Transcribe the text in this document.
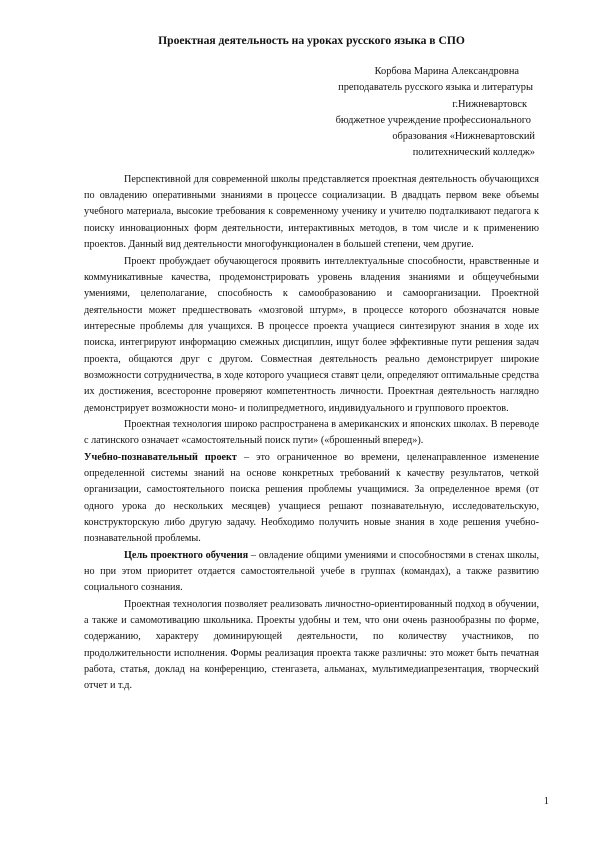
Проектная деятельность на уроках русского языка в СПО
Корбова Марина Александровна
преподаватель русского языка и литературы
г.Нижневартовск
бюджетное учреждение профессионального
образования «Нижневартовский
политехнический колледж»

Перспективной для современной школы представляется проектная деятельность обучающихся по овладению оперативными знаниями в процессе социализации. В двадцать первом веке объемы учебного материала, высокие требования к современному ученику и учителю подталкивают педагога к поиску инновационных форм деятельности, интерактивных методов, в том числе и к применению проектов. Данный вид деятельности многофункционален в большей степени, чем другие.

Проект пробуждает обучающегося проявить интеллектуальные способности, нравственные и коммуникативные качества, продемонстрировать уровень владения знаниями и общеучебными умениями, целеполагание, способность к самообразованию и самоорганизации. Проектной деятельности может предшествовать «мозговой штурм», в процессе которого обозначатся новые интересные проблемы для учащихся. В процессе проекта учащиеся синтезируют знания в ходе их поиска, интегрируют информацию смежных дисциплин, ищут более эффективные пути решения задач проекта, общаются друг с другом. Совместная деятельность реально демонстрирует широкие возможности сотрудничества, в ходе которого учащиеся ставят цели, определяют оптимальные средства их достижения, всесторонне проверяют компетентность личности. Проектная деятельность наглядно демонстрирует возможности моно- и полипредметного, индивидуального и группового проектов.

Проектная технология широко распространена в американских и японских школах. В переводе с латинского означает «самостоятельный поиск пути» («брошенный вперед»).

Учебно-познавательный проект – это ограниченное во времени, целенаправленное изменение определенной системы знаний на основе конкретных требований к качеству результатов, четкой организации, самостоятельного поиска решения проблемы учащимися. За определенное время (от одного урока до нескольких месяцев) учащиеся решают познавательную, исследовательскую, конструкторскую либо другую задачу. Необходимо получить новые знания в ходе решения учебно-познавательной проблемы.

Цель проектного обучения – овладение общими умениями и способностями в стенах школы, но при этом приоритет отдается самостоятельной учебе в группах (командах), а также развитию социального сознания.

Проектная технология позволяет реализовать личностно-ориентированный подход в обучении, а также и самомотивацию школьника. Проекты удобны и тем, что они очень разнообразны по форме, содержанию, характеру доминирующей деятельности, по количеству участников, по продолжительности исполнения. Формы реализация проекта также различны: это может быть печатная работа, статья, доклад на конференцию, стенгазета, альманах, мультимедиапрезентация, творческий отчет и т.д.

1
